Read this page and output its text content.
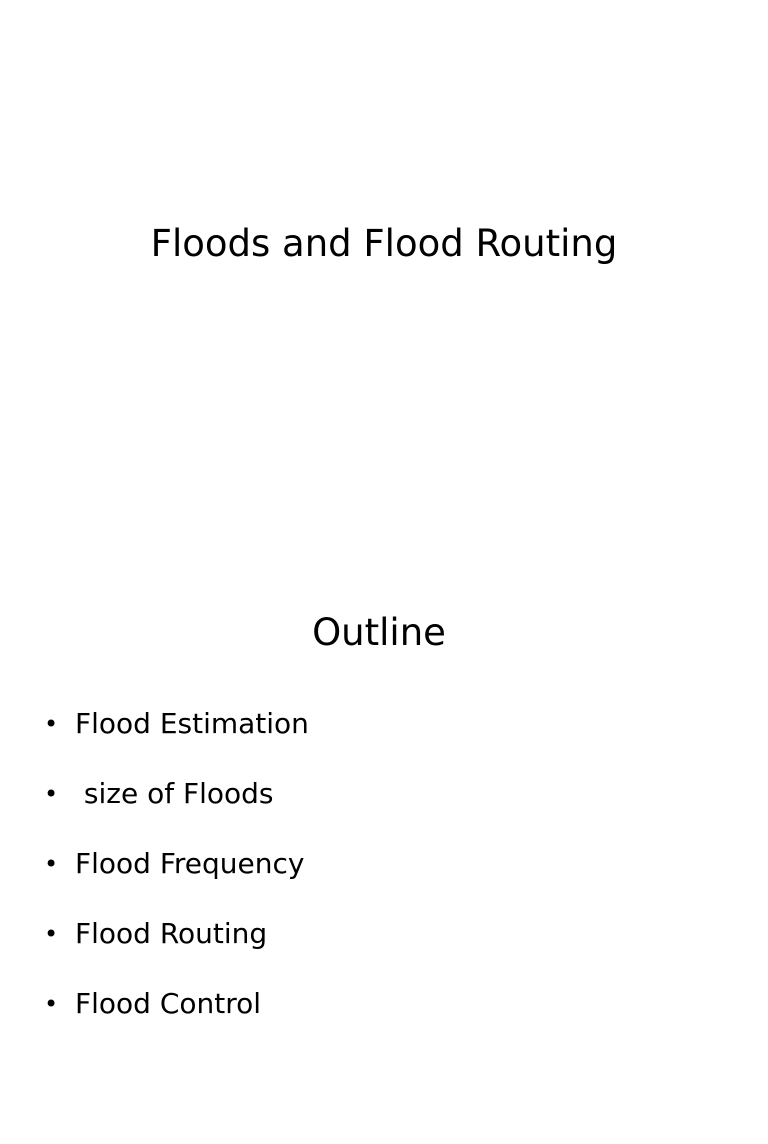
Floods and Flood Routing
Outline

•

Flood Estimation

•

size of Floods

•

Flood Frequency

•

Flood Routing

•

Flood Control
